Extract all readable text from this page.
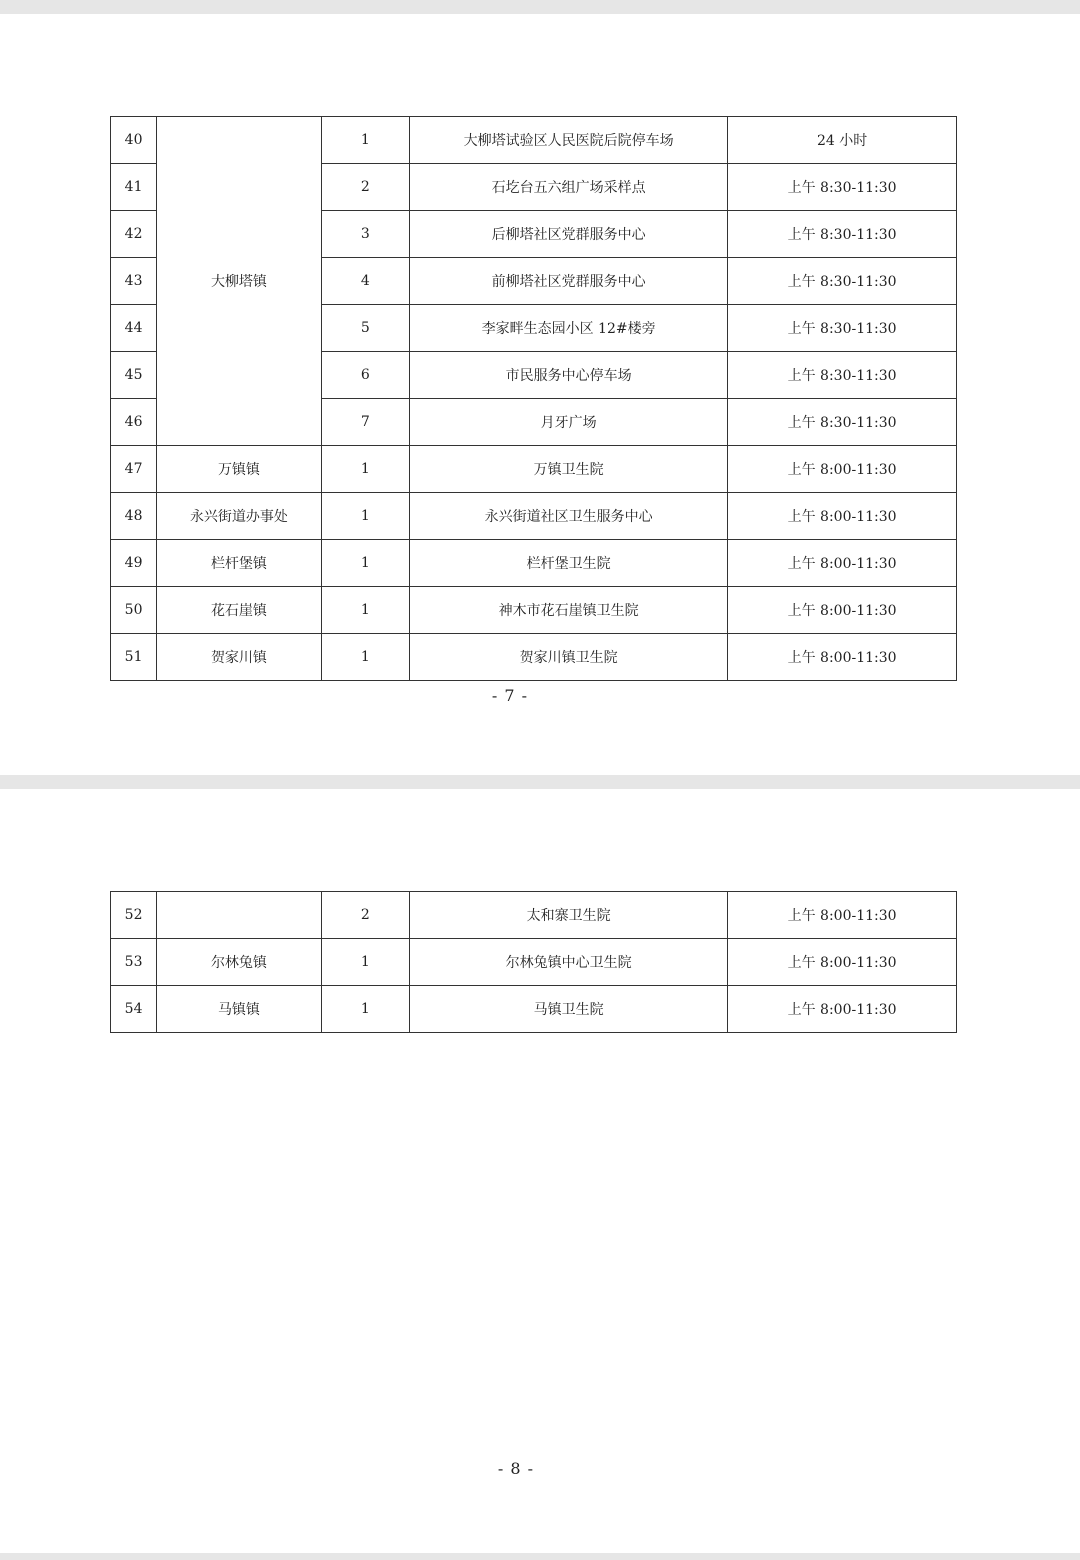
40	大柳塔镇	1	大柳塔试验区人民医院后院停车场	24 小时
41		2	石圪台五六组广场采样点	上午 8:30-11:30
42		3	后柳塔社区党群服务中心	上午 8:30-11:30
43		4	前柳塔社区党群服务中心	上午 8:30-11:30
44		5	李家畔生态园小区 12#楼旁	上午 8:30-11:30
45		6	市民服务中心停车场	上午 8:30-11:30
46		7	月牙广场	上午 8:30-11:30
47	万镇镇	1	万镇卫生院	上午 8:00-11:30
48	永兴街道办事处	1	永兴街道社区卫生服务中心	上午 8:00-11:30
49	栏杆堡镇	1	栏杆堡卫生院	上午 8:00-11:30
50	花石崖镇	1	神木市花石崖镇卫生院	上午 8:00-11:30
51	贺家川镇	1	贺家川镇卫生院	上午 8:00-11:30
- 7 -
52		2	太和寨卫生院	上午 8:00-11:30
53	尔林兔镇	1	尔林兔镇中心卫生院	上午 8:00-11:30
54	马镇镇	1	马镇卫生院	上午 8:00-11:30
- 8 -
